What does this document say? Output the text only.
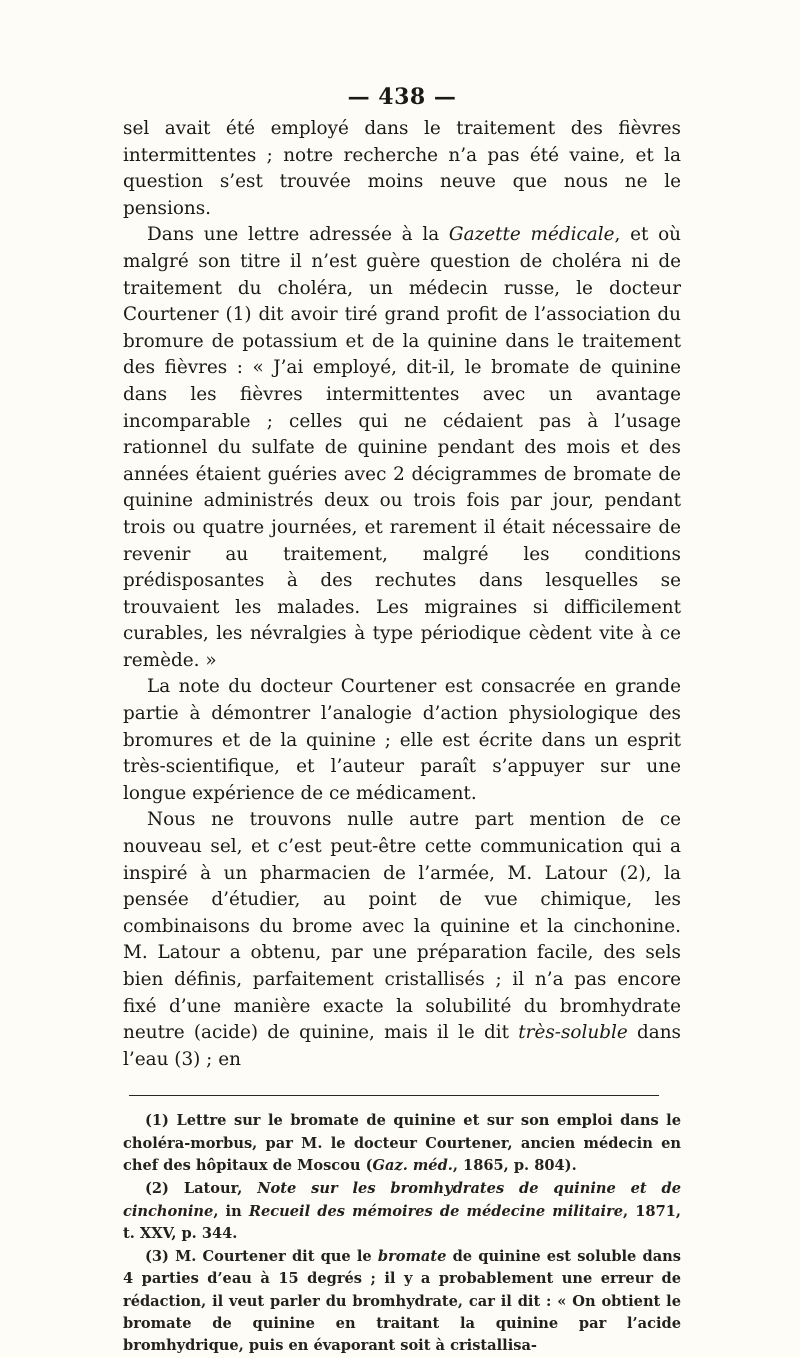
— 438 —

sel avait été employé dans le traitement des fièvres intermittentes ; notre recherche n’a pas été vaine, et la question s’est trouvée moins neuve que nous ne le pensions.

Dans une lettre adressée à la Gazette médicale, et où malgré son titre il n’est guère question de choléra ni de traitement du choléra, un médecin russe, le docteur Courtener (1) dit avoir tiré grand profit de l’association du bromure de potassium et de la quinine dans le traitement des fièvres : « J’ai employé, dit-il, le bromate de quinine dans les fièvres intermittentes avec un avantage incomparable ; celles qui ne cédaient pas à l’usage rationnel du sulfate de quinine pendant des mois et des années étaient guéries avec 2 décigrammes de bromate de quinine administrés deux ou trois fois par jour, pendant trois ou quatre journées, et rarement il était nécessaire de revenir au traitement, malgré les conditions prédisposantes à des rechutes dans lesquelles se trouvaient les malades. Les migraines si difficilement curables, les névralgies à type périodique cèdent vite à ce remède. »

La note du docteur Courtener est consacrée en grande partie à démontrer l’analogie d’action physiologique des bromures et de la quinine ; elle est écrite dans un esprit très-scientifique, et l’auteur paraît s’appuyer sur une longue expérience de ce médicament.

Nous ne trouvons nulle autre part mention de ce nouveau sel, et c’est peut-être cette communication qui a inspiré à un pharmacien de l’armée, M. Latour (2), la pensée d’étudier, au point de vue chimique, les combinaisons du brome avec la quinine et la cinchonine. M. Latour a obtenu, par une préparation facile, des sels bien définis, parfaitement cristallisés ; il n’a pas encore fixé d’une manière exacte la solubilité du bromhydrate neutre (acide) de quinine, mais il le dit très-soluble dans l’eau (3) ; en

(1) Lettre sur le bromate de quinine et sur son emploi dans le choléra-morbus, par M. le docteur Courtener, ancien médecin en chef des hôpitaux de Moscou (Gaz. méd., 1865, p. 804).

(2) Latour, Note sur les bromhydrates de quinine et de cinchonine, in Recueil des mémoires de médecine militaire, 1871, t. XXV, p. 344.

(3) M. Courtener dit que le bromate de quinine est soluble dans 4 parties d’eau à 15 degrés ; il y a probablement une erreur de rédaction, il veut parler du bromhydrate, car il dit : « On obtient le bromate de quinine en traitant la quinine par l’acide bromhydrique, puis en évaporant soit à cristallisa-
